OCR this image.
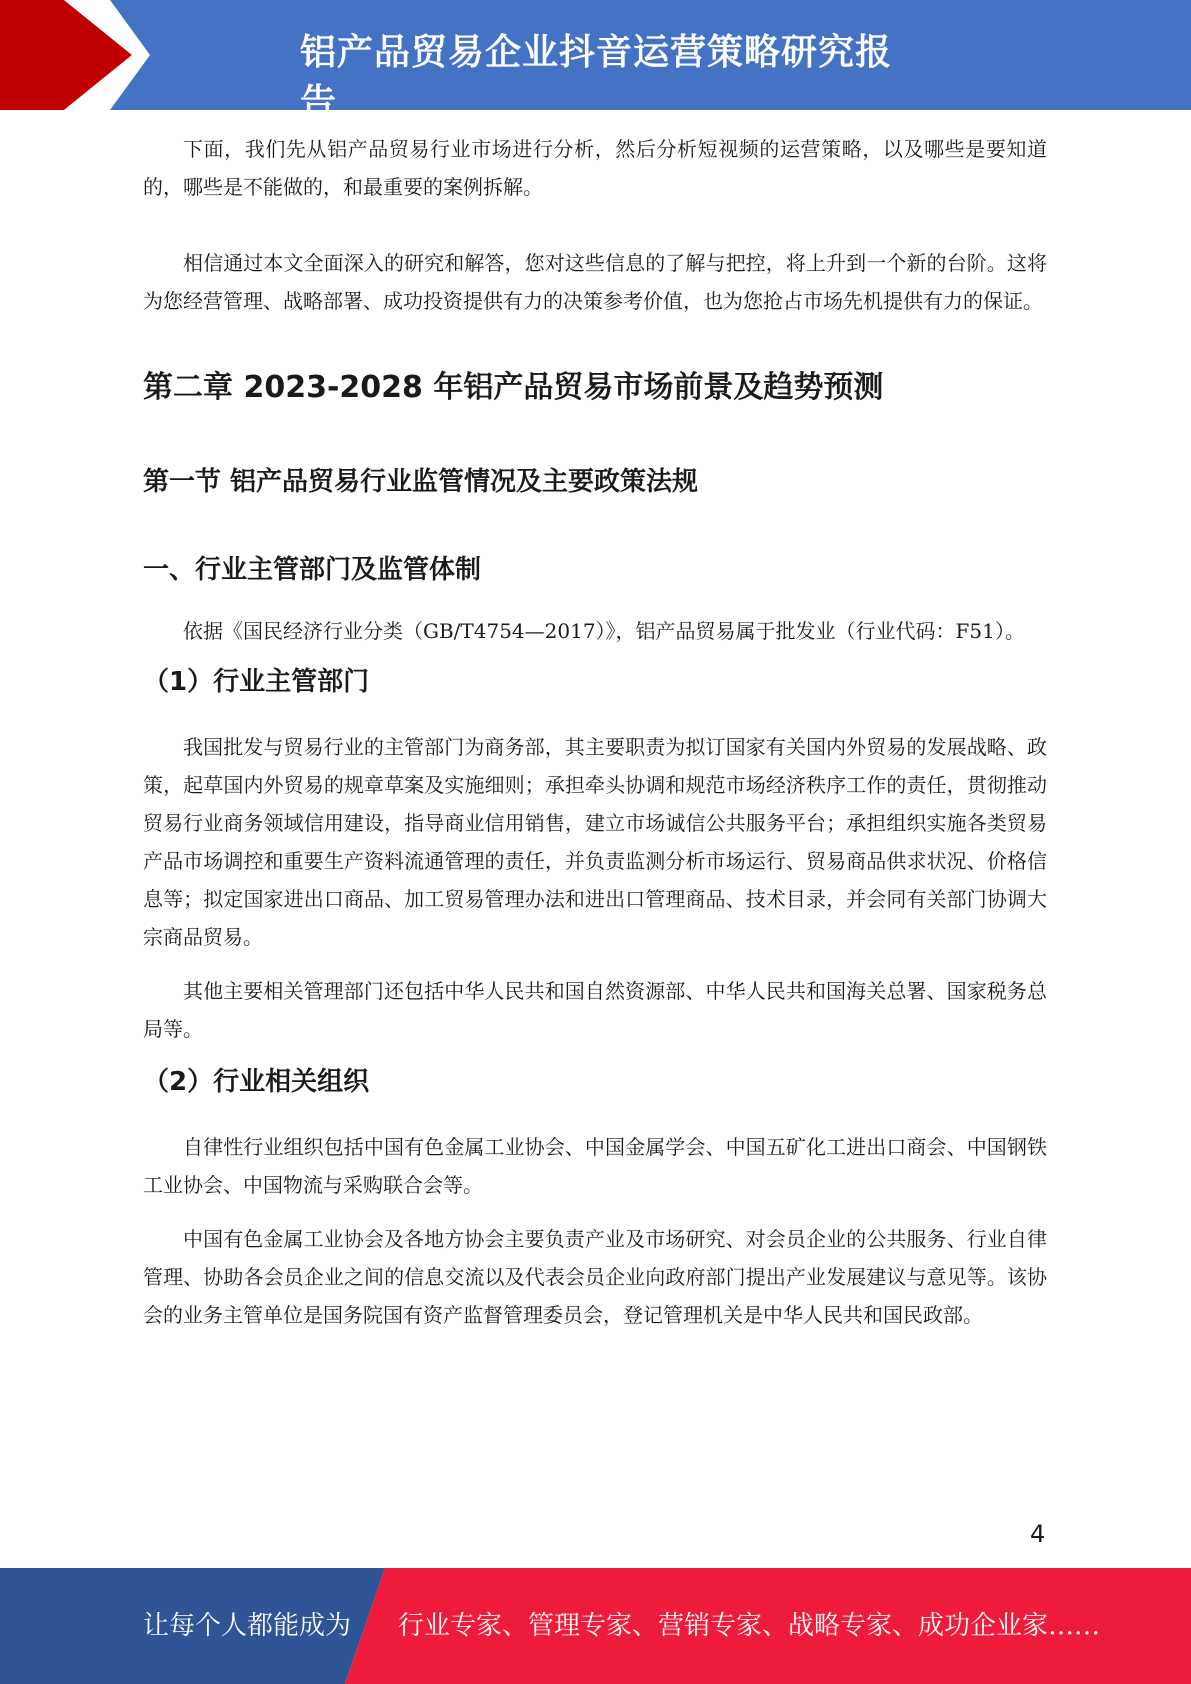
铝产品贸易企业抖音运营策略研究报告

下面，我们先从铝产品贸易行业市场进行分析，然后分析短视频的运营策略，以及哪些是要知道的，哪些是不能做的，和最重要的案例拆解。

相信通过本文全面深入的研究和解答，您对这些信息的了解与把控，将上升到一个新的台阶。这将为您经营管理、战略部署、成功投资提供有力的决策参考价值，也为您抢占市场先机提供有力的保证。

第二章 2023-2028 年铝产品贸易市场前景及趋势预测
第一节 铝产品贸易行业监管情况及主要政策法规
一、行业主管部门及监管体制

依据《国民经济行业分类（GB/T4754—2017）》，铝产品贸易属于批发业（行业代码：F51）。

（1）行业主管部门

我国批发与贸易行业的主管部门为商务部，其主要职责为拟订国家有关国内外贸易的发展战略、政策，起草国内外贸易的规章草案及实施细则；承担牵头协调和规范市场经济秩序工作的责任，贯彻推动贸易行业商务领域信用建设，指导商业信用销售，建立市场诚信公共服务平台；承担组织实施各类贸易产品市场调控和重要生产资料流通管理的责任，并负责监测分析市场运行、贸易商品供求状况、价格信息等；拟定国家进出口商品、加工贸易管理办法和进出口管理商品、技术目录，并会同有关部门协调大宗商品贸易。

其他主要相关管理部门还包括中华人民共和国自然资源部、中华人民共和国海关总署、国家税务总局等。

（2）行业相关组织

自律性行业组织包括中国有色金属工业协会、中国金属学会、中国五矿化工进出口商会、中国钢铁工业协会、中国物流与采购联合会等。

中国有色金属工业协会及各地方协会主要负责产业及市场研究、对会员企业的公共服务、行业自律管理、协助各会员企业之间的信息交流以及代表会员企业向政府部门提出产业发展建议与意见等。该协会的业务主管单位是国务院国有资产监督管理委员会，登记管理机关是中华人民共和国民政部。

4
让每个人都能成为 行业专家、管理专家、营销专家、战略专家、成功企业家……
